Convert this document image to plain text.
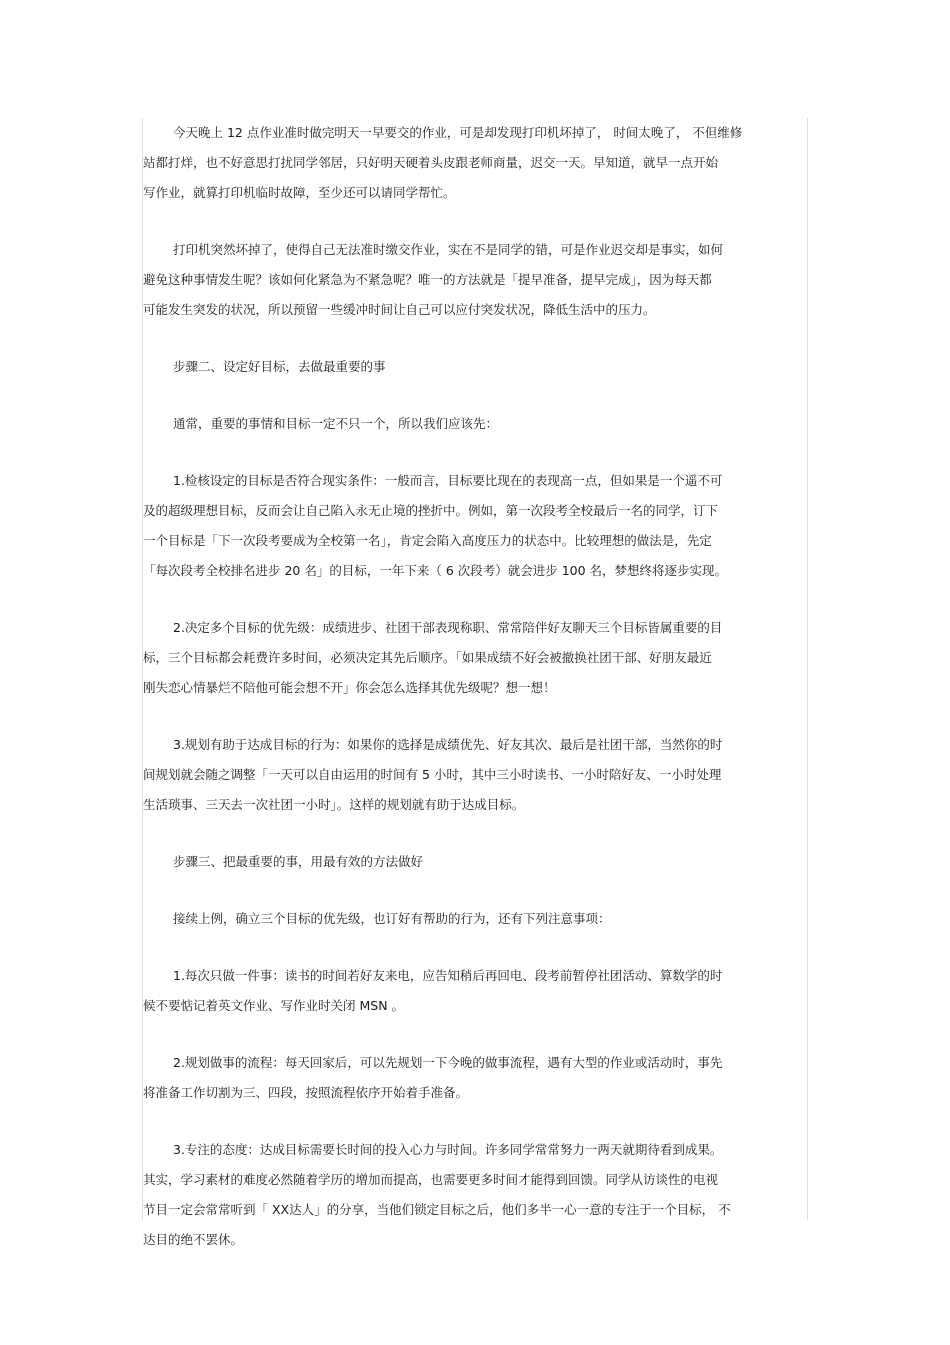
今天晚上 12 点作业准时做完明天一早要交的作业，可是却发现打印机坏掉了， 时间太晚了， 不但维修
站都打烊，也不好意思打扰同学邻居，只好明天硬着头皮跟老师商量，迟交一天。早知道，就早一点开始
写作业，就算打印机临时故障，至少还可以请同学帮忙。
打印机突然坏掉了，使得自己无法准时缴交作业，实在不是同学的错，可是作业迟交却是事实，如何
避免这种事情发生呢？该如何化紧急为不紧急呢？唯一的方法就是「提早准备，提早完成」，因为每天都
可能发生突发的状况，所以预留一些缓冲时间让自己可以应付突发状况，降低生活中的压力。
步骤二、设定好目标，去做最重要的事
通常，重要的事情和目标一定不只一个，所以我们应该先：
1.检核设定的目标是否符合现实条件：一般而言，目标要比现在的表现高一点，但如果是一个遥不可
及的超级理想目标，反而会让自己陷入永无止境的挫折中。例如，第一次段考全校最后一名的同学，订下
一个目标是「下一次段考要成为全校第一名」，肯定会陷入高度压力的状态中。比较理想的做法是，先定
「每次段考全校排名进步 20 名」的目标，一年下来（ 6 次段考）就会进步 100 名，梦想终将逐步实现。
2.决定多个目标的优先级：成绩进步、社团干部表现称职、常常陪伴好友聊天三个目标皆属重要的目
标，三个目标都会耗费许多时间，必须决定其先后顺序。「如果成绩不好会被撤换社团干部、好朋友最近
刚失恋心情暴烂不陪他可能会想不开」你会怎么选择其优先级呢？想一想！
3.规划有助于达成目标的行为：如果你的选择是成绩优先、好友其次、最后是社团干部，当然你的时
间规划就会随之调整「一天可以自由运用的时间有 5 小时，其中三小时读书、一小时陪好友、一小时处理
生活琐事、三天去一次社团一小时」。这样的规划就有助于达成目标。
步骤三、把最重要的事，用最有效的方法做好
接续上例，确立三个目标的优先级，也订好有帮助的行为，还有下列注意事项：
1.每次只做一件事：读书的时间若好友来电，应告知稍后再回电、段考前暂停社团活动、算数学的时
候不要惦记着英文作业、写作业时关闭 MSN 。
2.规划做事的流程：每天回家后，可以先规划一下今晚的做事流程，遇有大型的作业或活动时，事先
将准备工作切割为三、四段，按照流程依序开始着手准备。
3.专注的态度：达成目标需要长时间的投入心力与时间。许多同学常常努力一两天就期待看到成果。
其实，学习素材的难度必然随着学历的增加而提高，也需要更多时间才能得到回馈。同学从访谈性的电视
节目一定会常常听到「 XX达人」的分享，当他们锁定目标之后，他们多半一心一意的专注于一个目标， 不
达目的绝不罢休。
